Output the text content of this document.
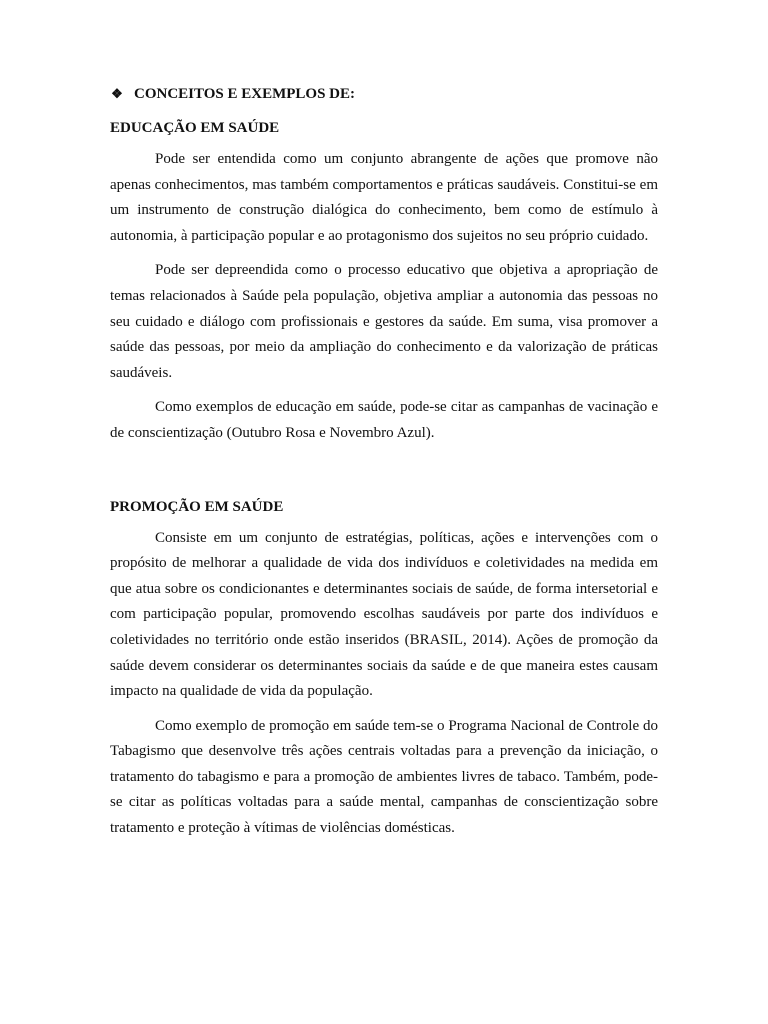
❖ CONCEITOS E EXEMPLOS DE:
EDUCAÇÃO EM SAÚDE

Pode ser entendida como um conjunto abrangente de ações que promove não apenas conhecimentos, mas também comportamentos e práticas saudáveis. Constitui-se em um instrumento de construção dialógica do conhecimento, bem como de estímulo à autonomia, à participação popular e ao protagonismo dos sujeitos no seu próprio cuidado.

Pode ser depreendida como o processo educativo que objetiva a apropriação de temas relacionados à Saúde pela população, objetiva ampliar a autonomia das pessoas no seu cuidado e diálogo com profissionais e gestores da saúde. Em suma, visa promover a saúde das pessoas, por meio da ampliação do conhecimento e da valorização de práticas saudáveis.

Como exemplos de educação em saúde, pode-se citar as campanhas de vacinação e de conscientização (Outubro Rosa e Novembro Azul).

PROMOÇÃO EM SAÚDE

Consiste em um conjunto de estratégias, políticas, ações e intervenções com o propósito de melhorar a qualidade de vida dos indivíduos e coletividades na medida em que atua sobre os condicionantes e determinantes sociais de saúde, de forma intersetorial e com participação popular, promovendo escolhas saudáveis por parte dos indivíduos e coletividades no território onde estão inseridos (BRASIL, 2014). Ações de promoção da saúde devem considerar os determinantes sociais da saúde e de que maneira estes causam impacto na qualidade de vida da população.

Como exemplo de promoção em saúde tem-se o Programa Nacional de Controle do Tabagismo que desenvolve três ações centrais voltadas para a prevenção da iniciação, o tratamento do tabagismo e para a promoção de ambientes livres de tabaco. Também, pode-se citar as políticas voltadas para a saúde mental, campanhas de conscientização sobre tratamento e proteção à vítimas de violências domésticas.
